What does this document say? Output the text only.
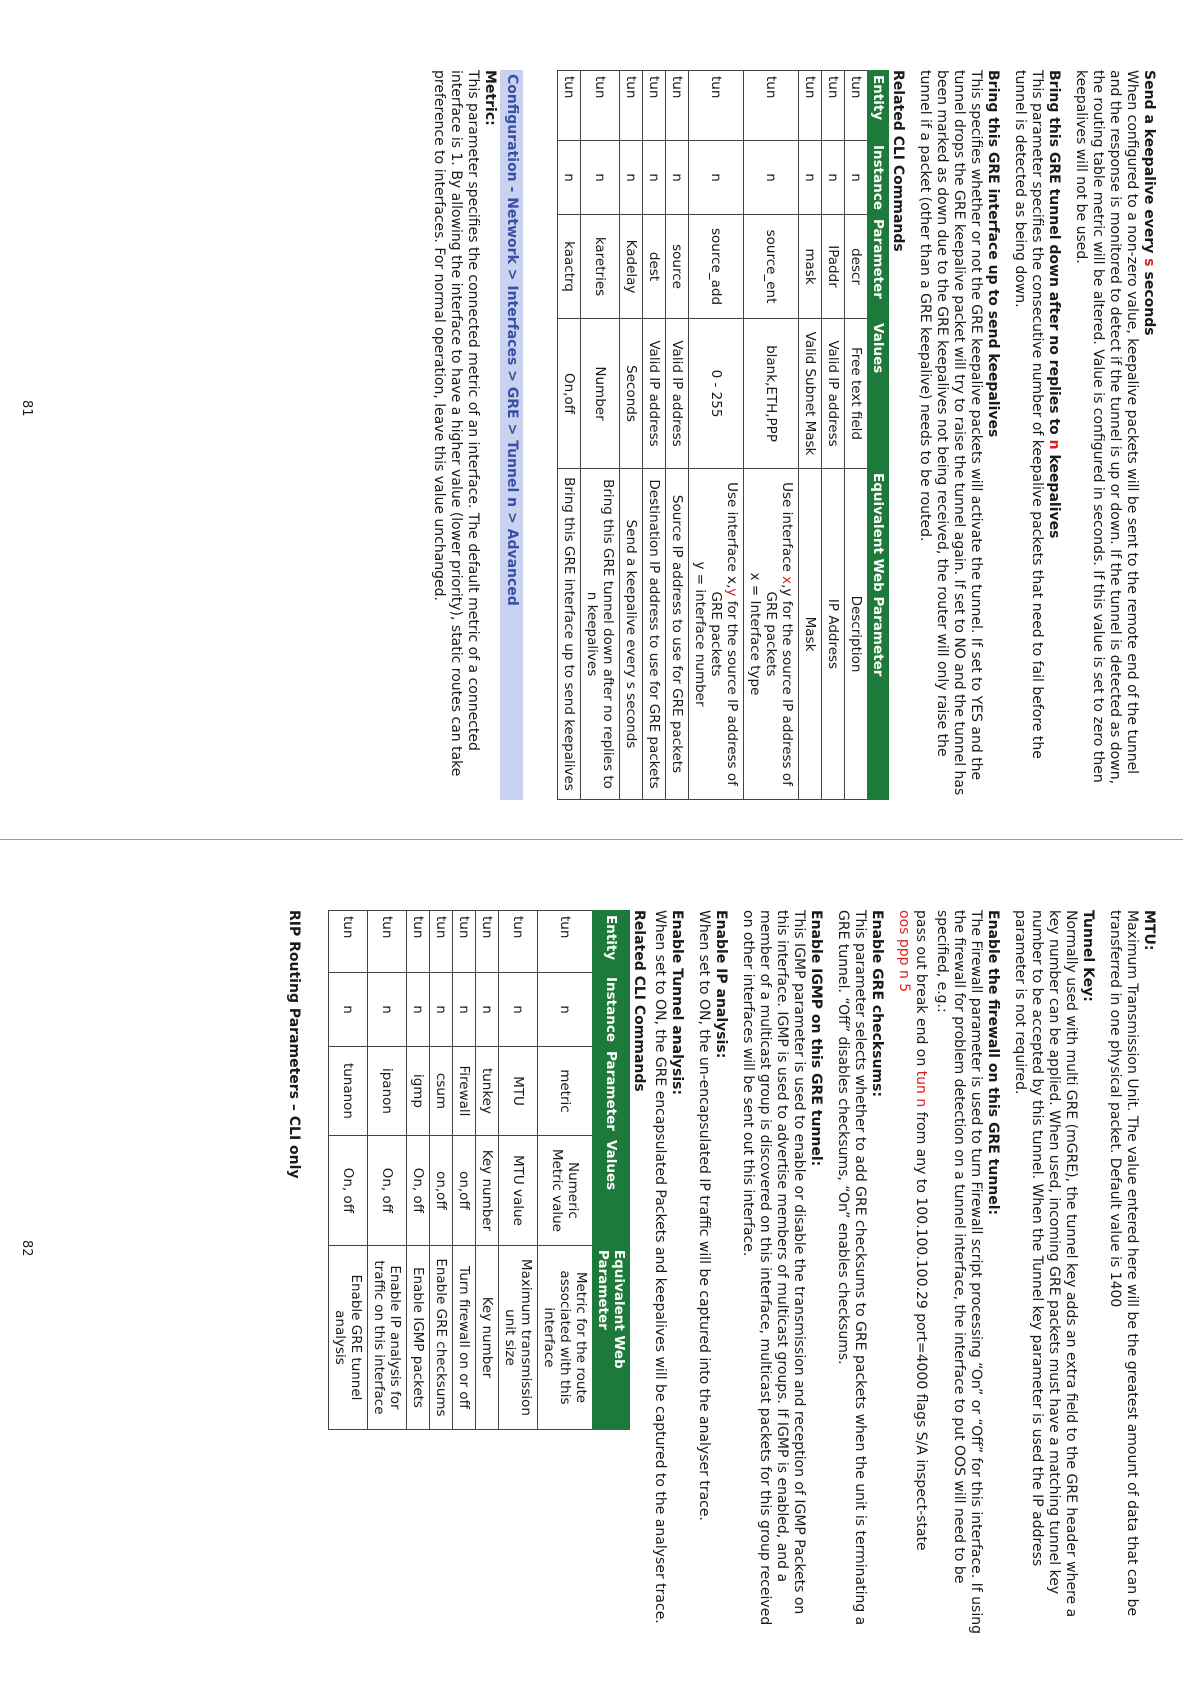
Send a keepalive every s seconds

When configured to a non-zero value, keepalive packets will be sent to the remote end of the tunnel and the response is monitored to detect if the tunnel is up or down. If the tunnel is detected as down, the routing table metric will be altered. Value is configured in seconds. If this value is set to zero then keepalives will not be used.

Bring this GRE tunnel down after no replies to n keepalives

This parameter specifies the consecutive number of keepalive packets that need to fail before the tunnel is detected as being down.

Bring this GRE interface up to send keepalives

This specifies whether or not the GRE keepalive packets will activate the tunnel. If set to YES and the tunnel drops the GRE keepalive packet will try to raise the tunnel again. If set to NO and the tunnel has been marked as down due to the GRE keepalives not being received, the router will only raise the tunnel if a packet (other than a GRE keepalive) needs to be routed.

Related CLI Commands
Entity	Instance	Parameter	Values	Equivalent Web Parameter
tun	n	descr	Free text field	Description
tun	n	IPaddr	Valid IP address	IP Address
tun	n	mask	Valid Subnet Mask	Mask
tun	n	source_ent	blank,ETH,PPP	Use interface x,y for the source IP address of GRE packets
x = Interface type
tun	n	source_add	0 - 255	Use interface x,y for the source IP address of GRE packets
y = interface number
tun	n	source	Valid IP address	Source IP address to use for GRE packets
tun	n	dest	Valid IP address	Destination IP address to use for GRE packets
tun	n	Kadelay	Seconds	Send a keepalive every s seconds
tun	n	karetries	Number	Bring this GRE tunnel down after no replies to n keepalives
tun	n	kaactrq	On,off	Bring this GRE interface up to send keepalives
Configuration - Network > Interfaces > GRE > Tunnel n > Advanced
Metric:

This parameter specifies the connected metric of an interface. The default metric of a connected interface is 1. By allowing the interface to have a higher value (lower priority), static routes can take preference to interfaces. For normal operation, leave this value unchanged.

81
MTU:

Maximum Transmission Unit. The value entered here will be the greatest amount of data that can be transferred in one physical packet. Default value is 1400

Tunnel Key:

Normally used with multi GRE (mGRE), the tunnel key adds an extra field to the GRE header where a key number can be applied. When used, incoming GRE packets must have a matching tunnel key number to be accepted by this tunnel. When the Tunnel key parameter is used the IP address parameter is not required.

Enable the firewall on this GRE tunnel:

The Firewall parameter is used to turn Firewall script processing “On” or “Off” for this interface. If using the firewall for problem detection on a tunnel interface, the interface to put OOS will need to be specified, e.g.:

pass out break end on tun n from any to 100.100.100.29 port=4000 flags S/A inspect-state
oos ppp n 5

Enable GRE checksums:

This parameter selects whether to add GRE checksums to GRE packets when the unit is terminating a GRE tunnel. “Off” disables checksums, “On” enables checksums.

Enable IGMP on this GRE tunnel:

This IGMP parameter is used to enable or disable the transmission and reception of IGMP Packets on this interface. IGMP is used to advertise members of multicast groups. If IGMP is enabled, and a member of a multicast group is discovered on this interface, multicast packets for this group received on other interfaces will be sent out this interface.

Enable IP analysis:

When set to ON, the un-encapsulated IP traffic will be captured into the analyser trace.

Enable Tunnel analysis:

When set to ON, the GRE encapsulated Packets and keepalives will be captured to the analyser trace.

Related CLI Commands
Entity	Instance	Parameter	Values	Equivalent Web Parameter
tun	n	metric	Numeric Metric value	Metric for the route associated with this interface
tun	n	MTU	MTU value	Maximum transmission unit size
tun	n	tunkey	Key number	Key number
tun	n	Firewall	on,off	Turn firewall on or off
tun	n	csum	on,off	Enable GRE checksums
tun	n	igmp	On, off	Enable IGMP packets
tun	n	ipanon	On, off	Enable IP analysis for traffic on this interface
tun	n	tunanon	On, off	Enable GRE tunnel analysis
RIP Routing Parameters – CLI only
82
